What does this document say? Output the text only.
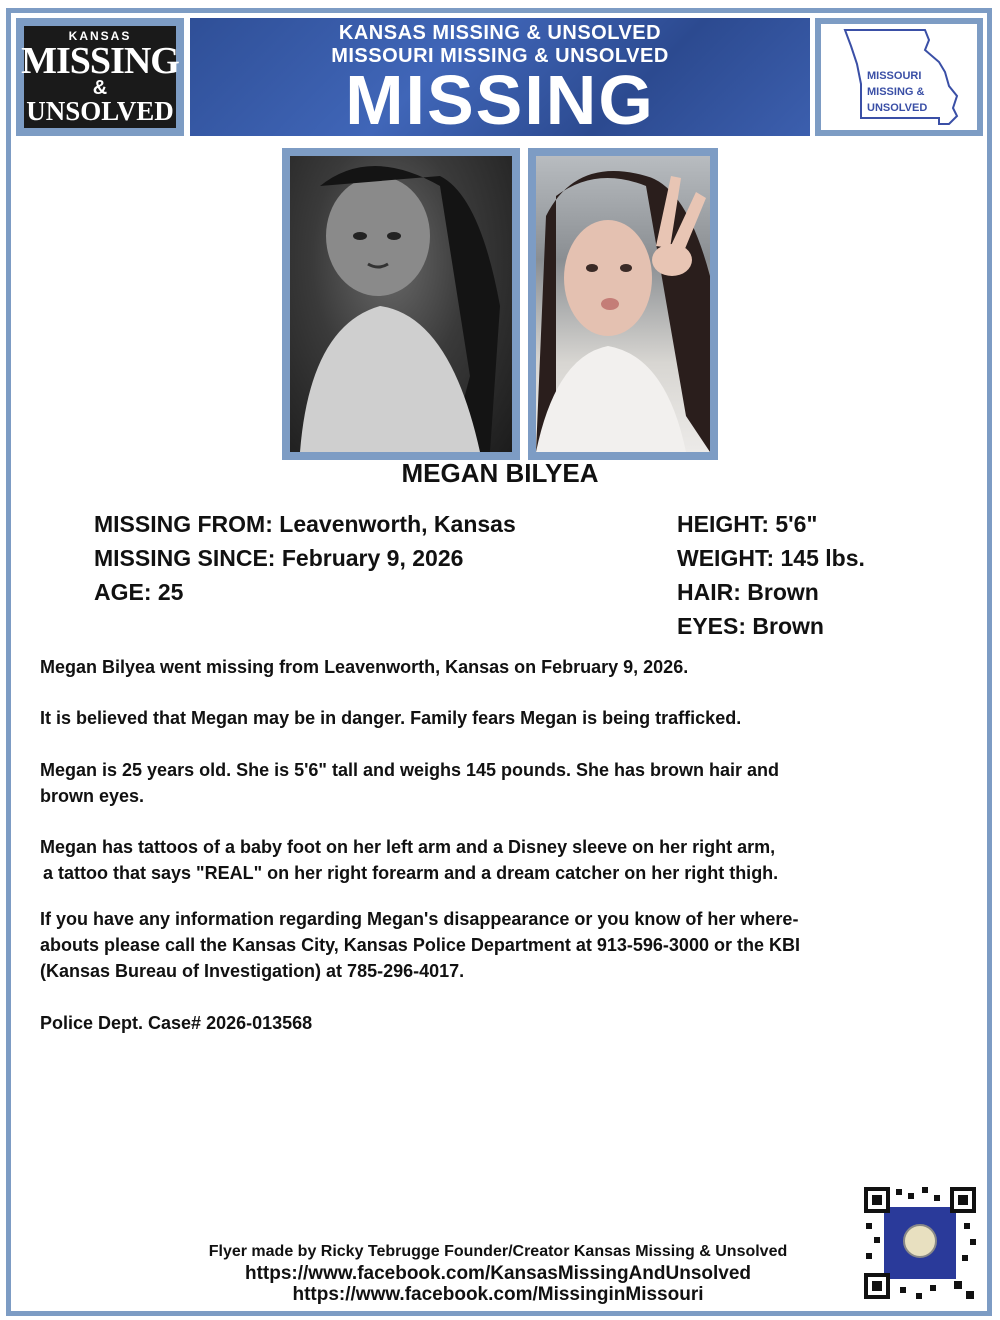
KANSAS
MISSING
&
UNSOLVED
KANSAS MISSING & UNSOLVED
MISSOURI MISSING & UNSOLVED
MISSING	MISSOURI
MISSING &
UNSOLVED
MEGAN BILYEA
MISSING FROM: Leavenworth, Kansas
MISSING SINCE: February 9, 2026
AGE: 25
HEIGHT: 5'6"
WEIGHT: 145 lbs.
HAIR: Brown
EYES: Brown
Megan Bilyea went missing from Leavenworth, Kansas on February 9, 2026.
It is believed that Megan may be in danger. Family fears Megan is being trafficked.
Megan is 25 years old. She is 5'6" tall and weighs 145 pounds. She has brown hair and
brown eyes.
Megan has tattoos of a baby foot on her left arm and a Disney sleeve on her right arm,
a tattoo that says "REAL" on her right forearm and a dream catcher on her right thigh.
If you have any information regarding Megan's disappearance or you know of her where-
abouts please call the Kansas City, Kansas Police Department at 913-596-3000 or the KBI
(Kansas Bureau of Investigation) at 785-296-4017.
Police Dept. Case# 2026-013568
Flyer made by Ricky Tebrugge Founder/Creator Kansas Missing & Unsolved
https://www.facebook.com/KansasMissingAndUnsolved
https://www.facebook.com/MissinginMissouri
